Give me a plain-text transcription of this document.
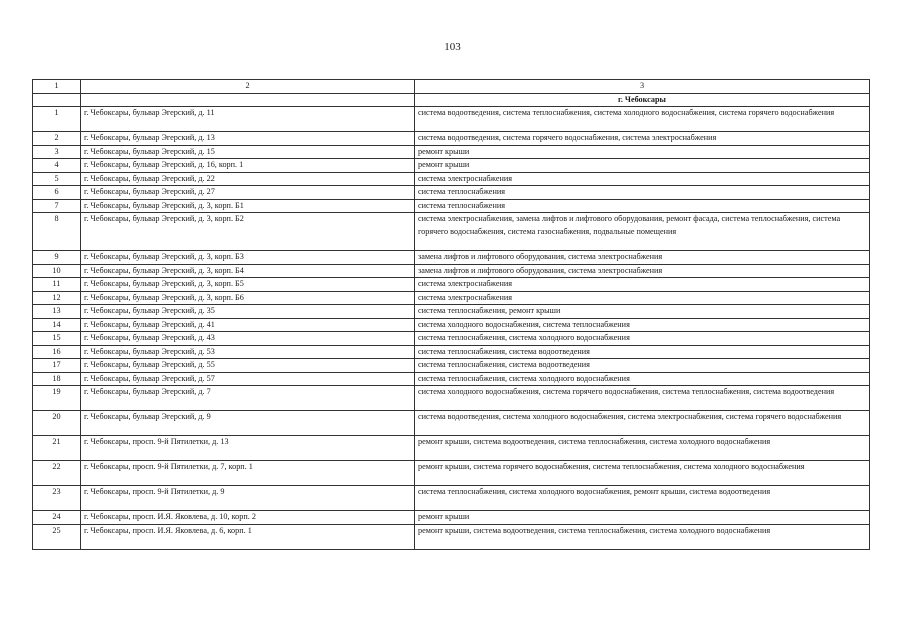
103
1	2	3
		г. Чебоксары
1	г. Чебоксары, бульвар Эгерский, д. 11	система водоотведения, система теплоснабжения, система холодного водоснабжения, система горячего водоснабжения
2	г. Чебоксары, бульвар Эгерский, д. 13	система водоотведения, система горячего водоснабжения, система электроснабжения
3	г. Чебоксары, бульвар Эгерский, д. 15	ремонт крыши
4	г. Чебоксары, бульвар Эгерский, д. 16, корп. 1	ремонт крыши
5	г. Чебоксары, бульвар Эгерский, д. 22	система электроснабжения
6	г. Чебоксары, бульвар Эгерский, д. 27	система теплоснабжения
7	г. Чебоксары, бульвар Эгерский, д. 3, корп. Б1	система теплоснабжения
8	г. Чебоксары, бульвар Эгерский, д. 3, корп. Б2	система электроснабжения, замена лифтов и лифтового оборудования, ремонт фасада, система теплоснабжения, система горячего водоснабжения, система газоснабжения, подвальные помещения
9	г. Чебоксары, бульвар Эгерский, д. 3, корп. Б3	замена лифтов и лифтового оборудования, система электроснабжения
10	г. Чебоксары, бульвар Эгерский, д. 3, корп. Б4	замена лифтов и лифтового оборудования, система электроснабжения
11	г. Чебоксары, бульвар Эгерский, д. 3, корп. Б5	система электроснабжения
12	г. Чебоксары, бульвар Эгерский, д. 3, корп. Б6	система электроснабжения
13	г. Чебоксары, бульвар Эгерский, д. 35	система теплоснабжения, ремонт крыши
14	г. Чебоксары, бульвар Эгерский, д. 41	система холодного водоснабжения, система теплоснабжения
15	г. Чебоксары, бульвар Эгерский, д. 43	система теплоснабжения, система холодного водоснабжения
16	г. Чебоксары, бульвар Эгерский, д. 53	система теплоснабжения, система водоотведения
17	г. Чебоксары, бульвар Эгерский, д. 55	система теплоснабжения, система водоотведения
18	г. Чебоксары, бульвар Эгерский, д. 57	система теплоснабжения, система холодного водоснабжения
19	г. Чебоксары, бульвар Эгерский, д. 7	система холодного водоснабжения, система горячего водоснабжения, система теплоснабжения, система водоотведения
20	г. Чебоксары, бульвар Эгерский, д. 9	система водоотведения, система холодного водоснабжения, система электроснабжения, система горячего водоснабжения
21	г. Чебоксары, просп. 9-й Пятилетки, д. 13	ремонт крыши, система водоотведения, система теплоснабжения, система холодного водоснабжения
22	г. Чебоксары, просп. 9-й Пятилетки, д. 7, корп. 1	ремонт крыши, система горячего водоснабжения, система теплоснабжения, система холодного водоснабжения
23	г. Чебоксары, просп. 9-й Пятилетки, д. 9	система теплоснабжения, система холодного водоснабжения, ремонт крыши, система водоотведения
24	г. Чебоксары, просп. И.Я. Яковлева, д. 10, корп. 2	ремонт крыши
25	г. Чебоксары, просп. И.Я. Яковлева, д. 6, корп. 1	ремонт крыши, система водоотведения, система теплоснабжения, система холодного водоснабжения
